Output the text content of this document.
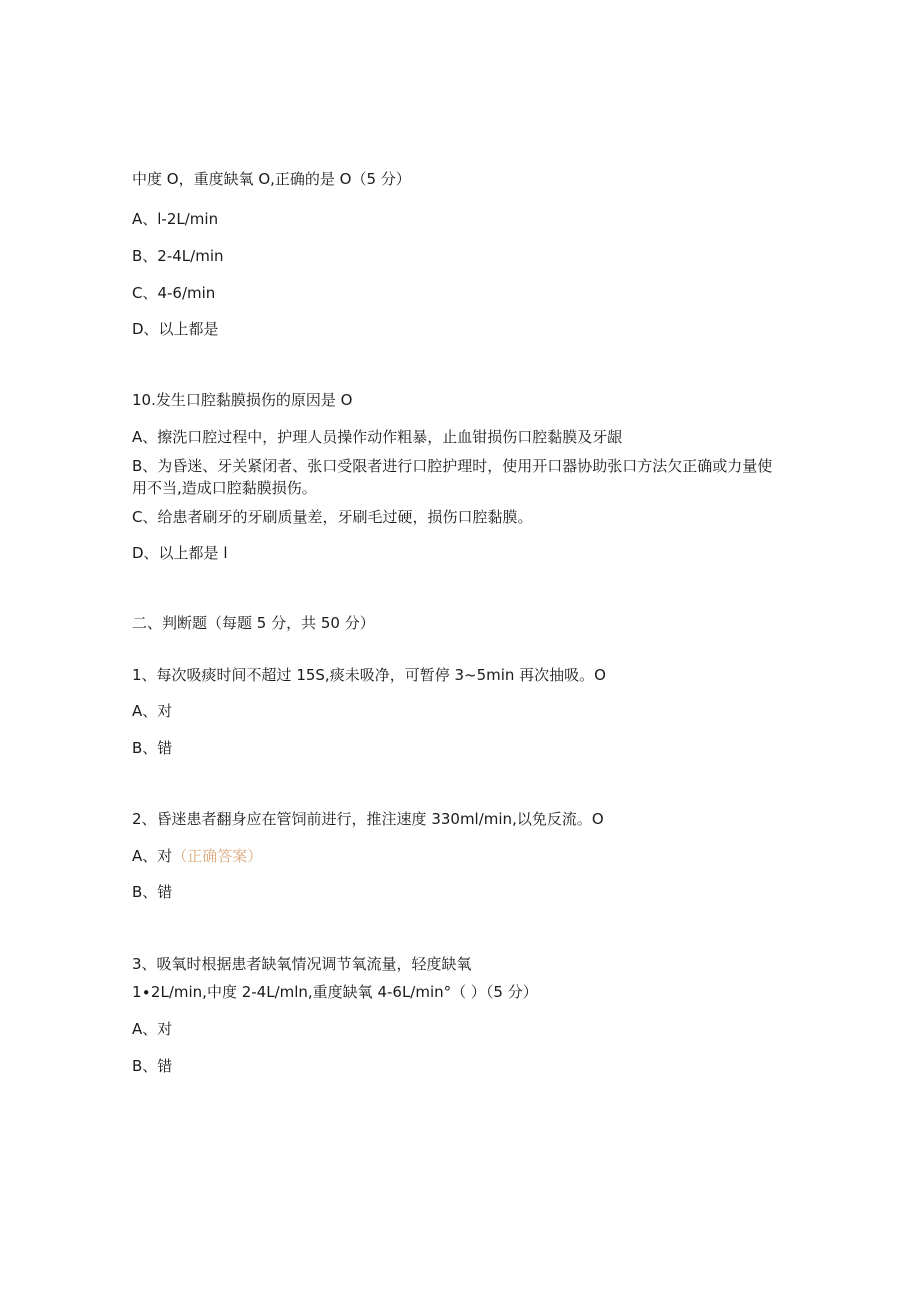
中度 O，重度缺氧 O,正确的是 O（5 分）

A、l-2L∕min

B、2-4L∕min

C、4-6/min

D、以上都是

10.发生口腔黏膜损伤的原因是 O

A、擦洗口腔过程中，护理人员操作动作粗暴，止血钳损伤口腔黏膜及牙龈

B、为昏迷、牙关紧闭者、张口受限者进行口腔护理时，使用开口器协助张口方法欠正确或力量使用不当,造成口腔黏膜损伤。

C、给患者刷牙的牙刷质量差，牙刷毛过硬，损伤口腔黏膜。

D、以上都是 l

二、判断题（每题 5 分，共 50 分）

1、每次吸痰时间不超过 15S,痰未吸净，可暂停 3~5min 再次抽吸。O

A、对

B、错

2、昏迷患者翻身应在管饲前进行，推注速度 330ml∕min,以免反流。O

A、对（正确答案）

B、错

3、吸氧时根据患者缺氧情况调节氧流量，轻度缺氧

1∙2L∕min,中度 2-4L∕mln,重度缺氧 4-6L∕min°（ ）（5 分）

A、对

B、错
